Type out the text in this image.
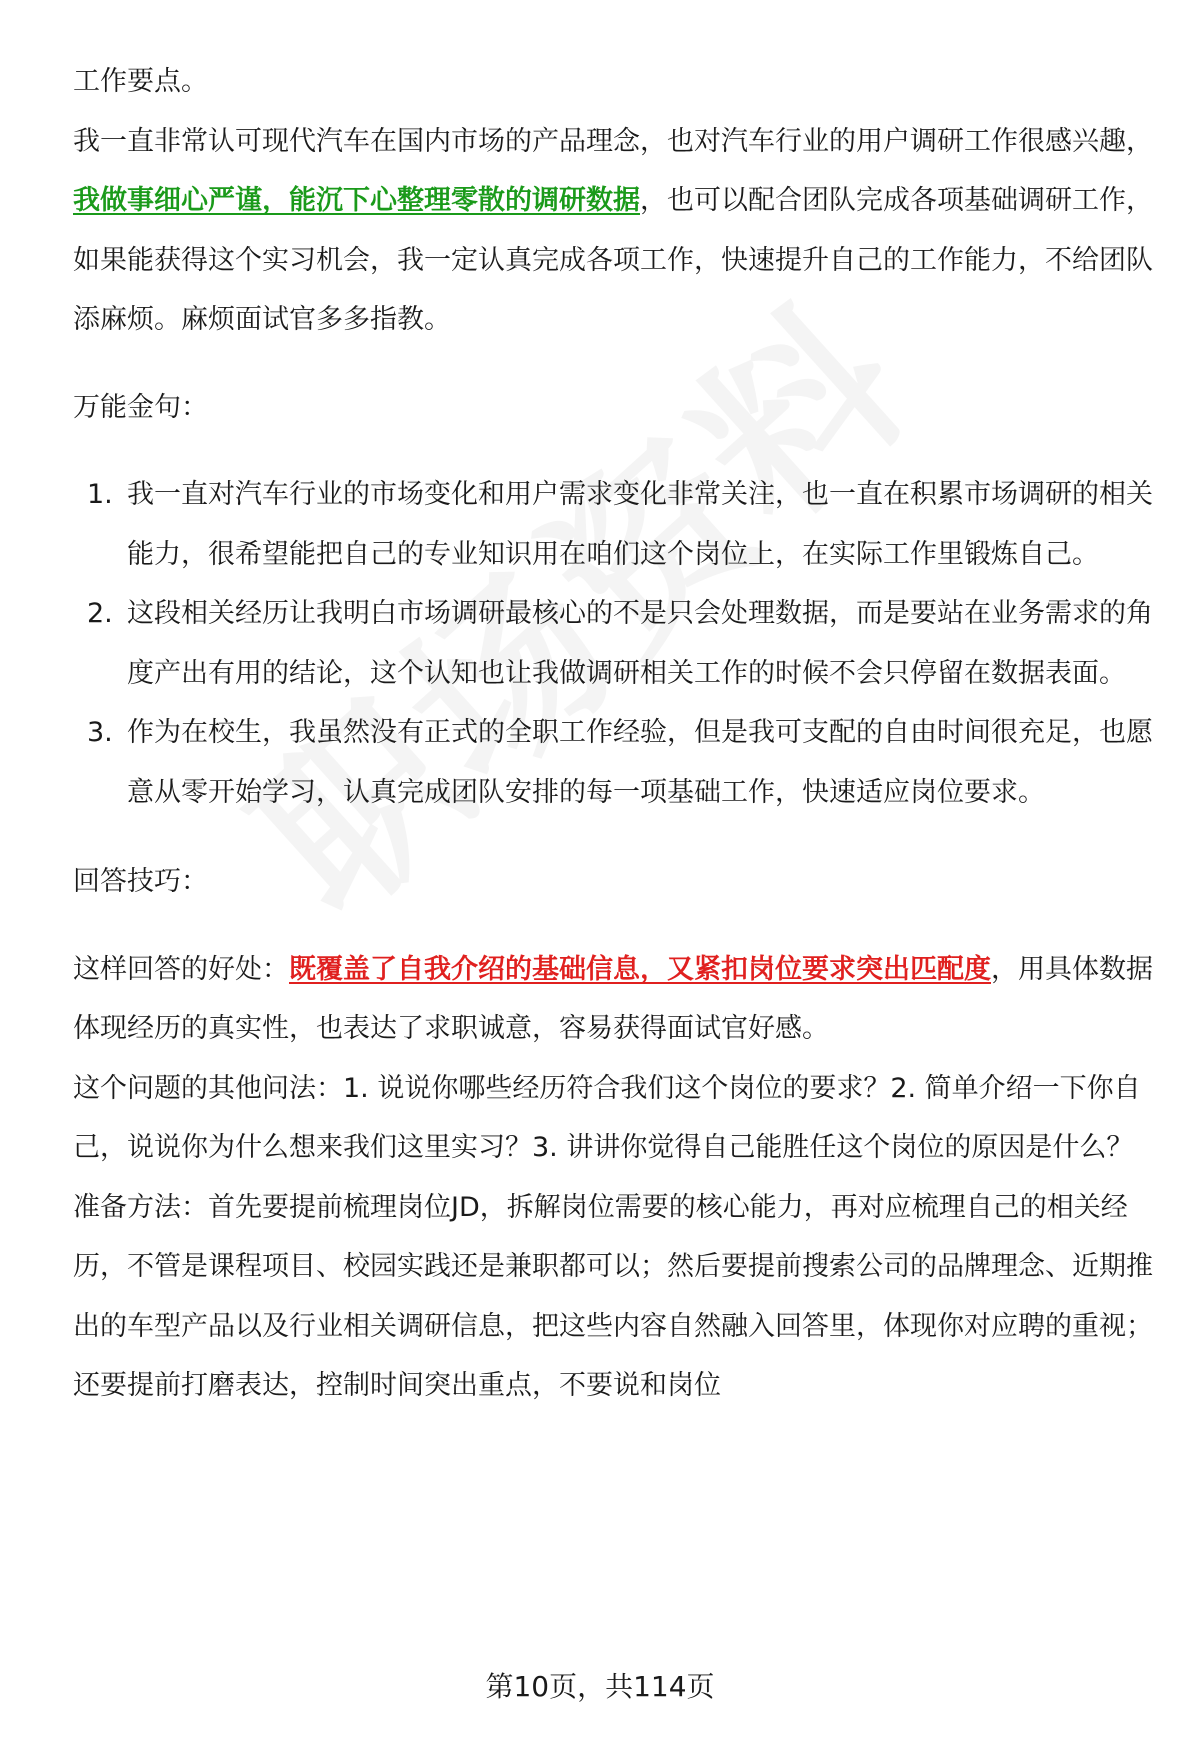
工作要点。

我一直非常认可现代汽车在国内市场的产品理念，也对汽车行业的用户调研工作很感兴趣，我做事细心严谨，能沉下心整理零散的调研数据，也可以配合团队完成各项基础调研工作，如果能获得这个实习机会，我一定认真完成各项工作，快速提升自己的工作能力，不给团队添麻烦。麻烦面试官多多指教。

万能金句：

1. 我一直对汽车行业的市场变化和用户需求变化非常关注，也一直在积累市场调研的相关能力，很希望能把自己的专业知识用在咱们这个岗位上，在实际工作里锻炼自己。
2. 这段相关经历让我明白市场调研最核心的不是只会处理数据，而是要站在业务需求的角度产出有用的结论，这个认知也让我做调研相关工作的时候不会只停留在数据表面。
3. 作为在校生，我虽然没有正式的全职工作经验，但是我可支配的自由时间很充足，也愿意从零开始学习，认真完成团队安排的每一项基础工作，快速适应岗位要求。

回答技巧：

这样回答的好处：既覆盖了自我介绍的基础信息，又紧扣岗位要求突出匹配度，用具体数据体现经历的真实性，也表达了求职诚意，容易获得面试官好感。

这个问题的其他问法：1. 说说你哪些经历符合我们这个岗位的要求？2. 简单介绍一下你自己，说说你为什么想来我们这里实习？3. 讲讲你觉得自己能胜任这个岗位的原因是什么？

准备方法：首先要提前梳理岗位JD，拆解岗位需要的核心能力，再对应梳理自己的相关经历，不管是课程项目、校园实践还是兼职都可以；然后要提前搜索公司的品牌理念、近期推出的车型产品以及行业相关调研信息，把这些内容自然融入回答里，体现你对应聘的重视；还要提前打磨表达，控制时间突出重点，不要说和岗位

第10页，共114页
